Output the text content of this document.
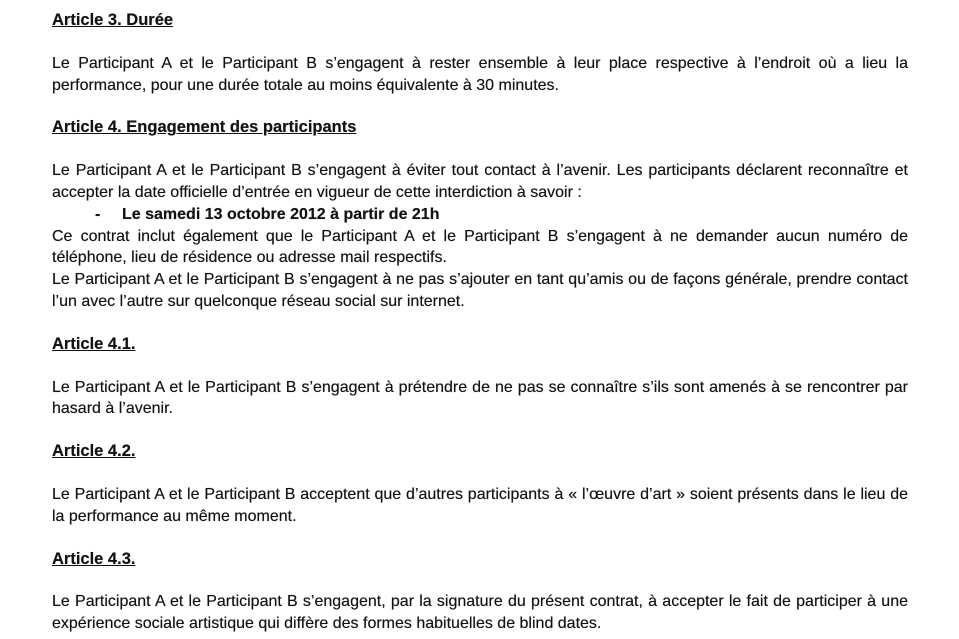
Article 3. Durée

Le Participant A et le Participant B s’engagent à rester ensemble à leur place respective à l’endroit où a lieu la performance, pour une durée totale au moins équivalente à 30 minutes.

Article 4. Engagement des participants

Le Participant A et le Participant B s’engagent à éviter tout contact à l’avenir. Les participants déclarent reconnaître et accepter la date officielle d’entrée en vigueur de cette interdiction à savoir :

-	Le samedi 13 octobre 2012 à partir de 21h

Ce contrat inclut également que le Participant A et le Participant B s’engagent à ne demander aucun numéro de téléphone, lieu de résidence ou adresse mail respectifs.

Le Participant A et le Participant B s’engagent à ne pas s’ajouter en tant qu’amis ou de façons générale, prendre contact l’un avec l’autre sur quelconque réseau social sur internet.

Article 4.1.

Le Participant A et le Participant B s’engagent à prétendre de ne pas se connaître s’ils sont amenés à se rencontrer par hasard à l’avenir.

Article 4.2.

Le Participant A et le Participant B acceptent que d’autres participants à « l’œuvre d’art » soient présents dans le lieu de la performance au même moment.

Article 4.3.

Le Participant A et le Participant B s’engagent, par la signature du présent contrat, à accepter le fait de participer à une expérience sociale artistique qui diffère des formes habituelles de blind dates.
